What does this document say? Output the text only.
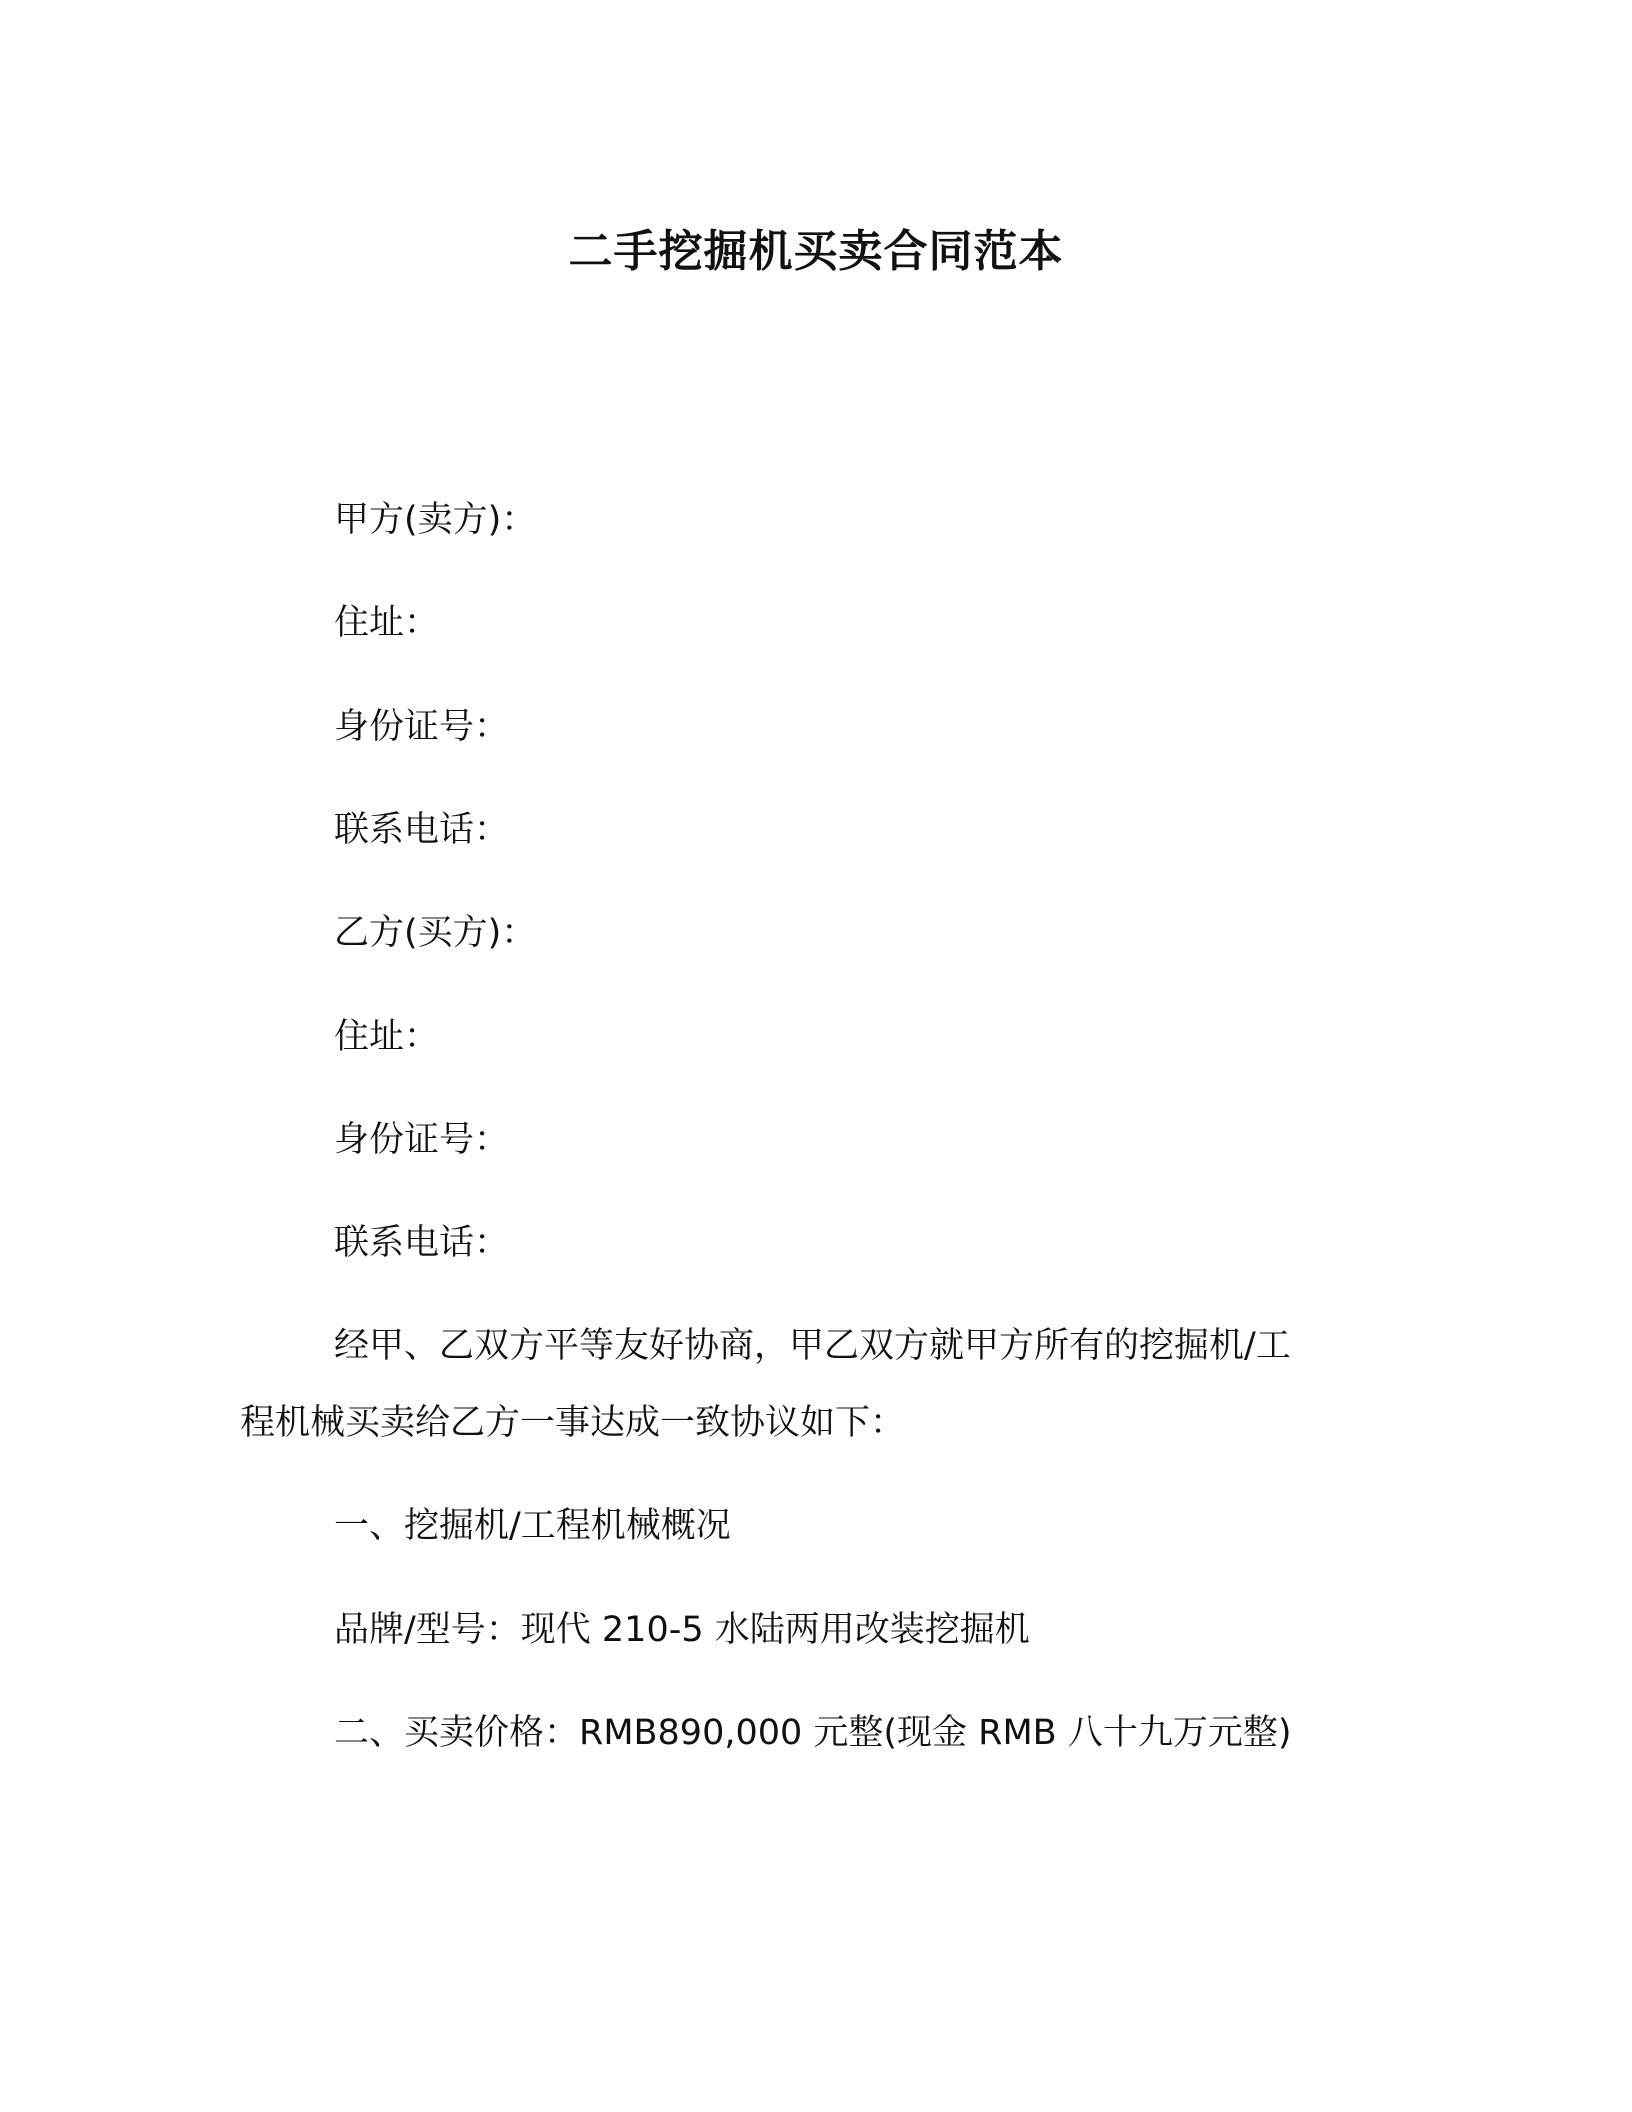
二手挖掘机买卖合同范本
甲方(卖方)：
住址：
身份证号：
联系电话：
乙方(买方)：
住址：
身份证号：
联系电话：
经甲、乙双方平等友好协商，甲乙双方就甲方所有的挖掘机/工
程机械买卖给乙方一事达成一致协议如下：
一、挖掘机/工程机械概况
品牌/型号：现代 210-5 水陆两用改装挖掘机
二、买卖价格：RMB890,000 元整(现金 RMB 八十九万元整)
